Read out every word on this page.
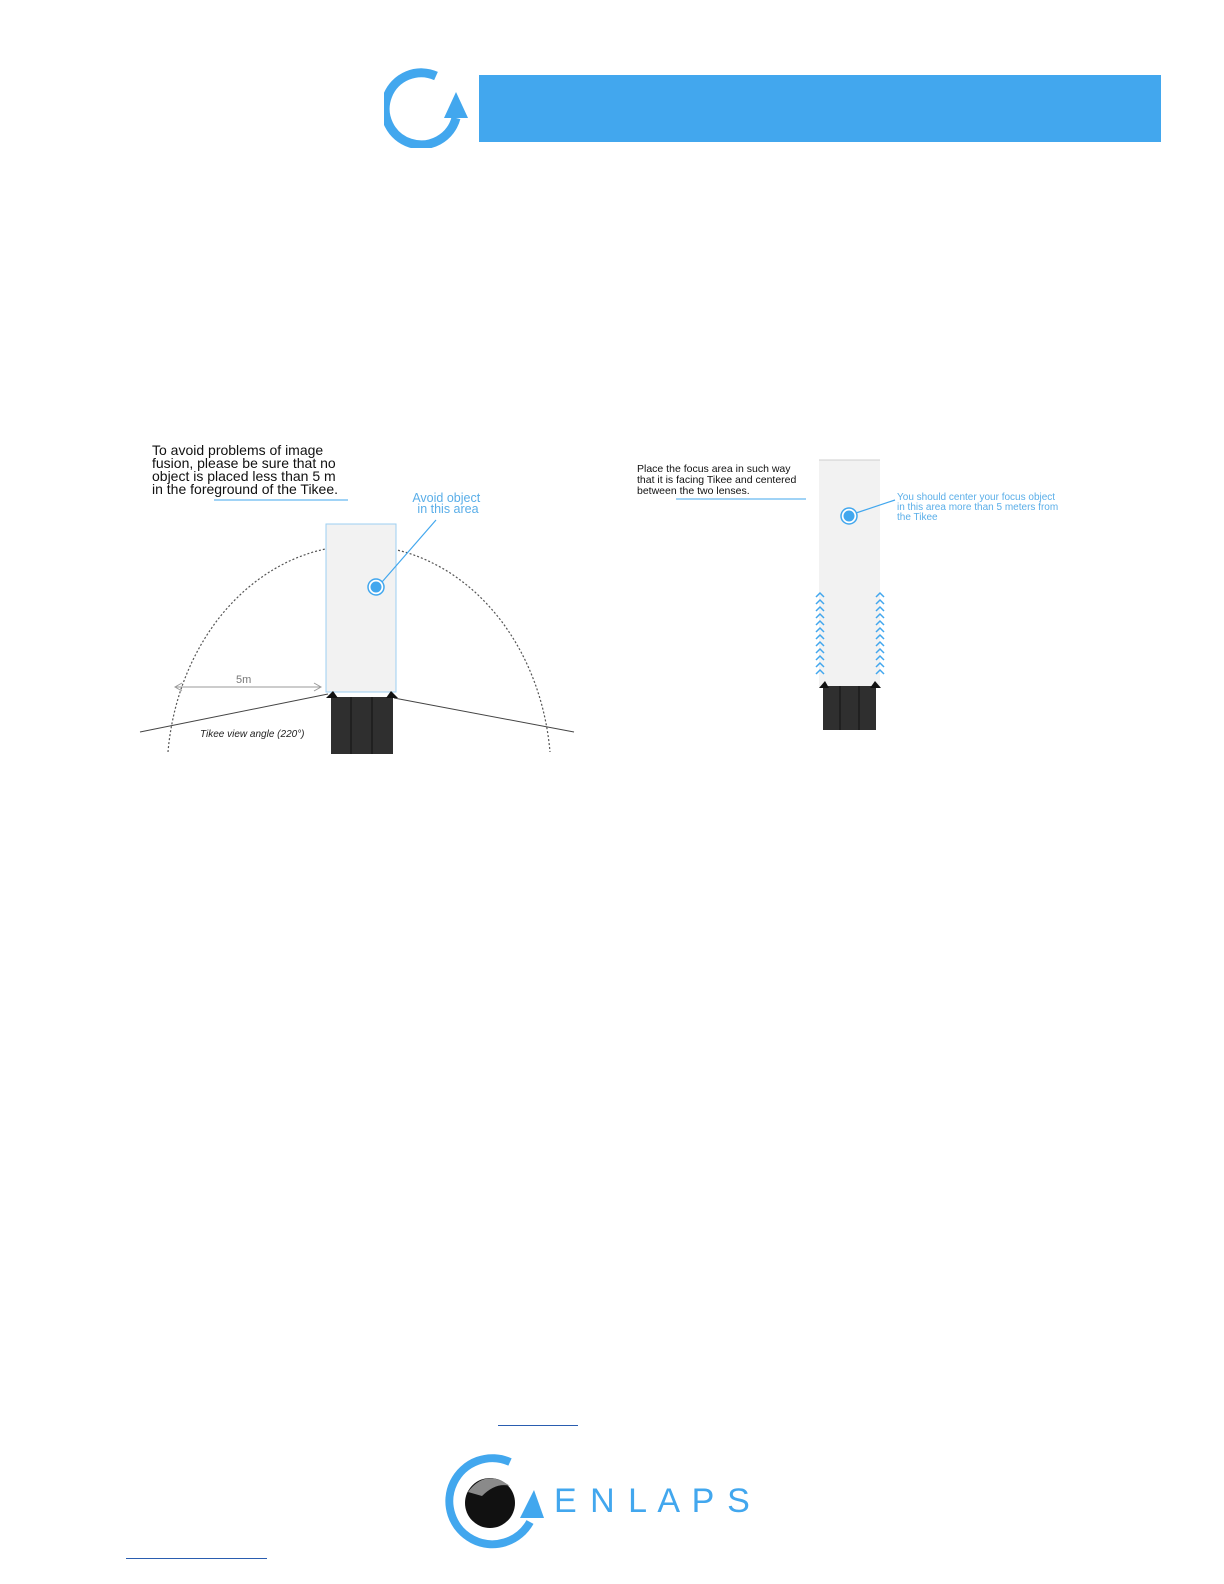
5m
Tikee view angle (220°)
To avoid problems of image fusion, please be sure that no object is placed less than 5 m in the foreground of the Tikee.
Avoid object in this area
Place the focus area in such way that it is facing Tikee and centered between the two lenses.
You should center your focus object in this area more than 5 meters from the Tikee
E N L A P S
